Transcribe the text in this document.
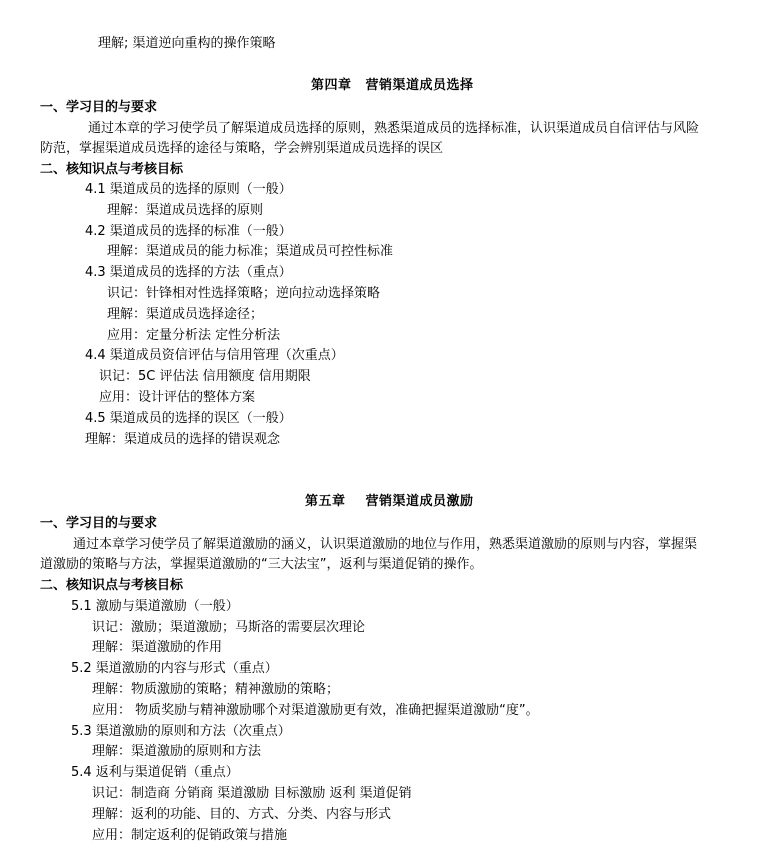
理解; 渠道逆向重构的操作策略
第四章 营销渠道成员选择
一、学习目的与要求
通过本章的学习使学员了解渠道成员选择的原则，熟悉渠道成员的选择标准，认识渠道成员自信评估与风险
防范，掌握渠道成员选择的途径与策略，学会辨别渠道成员选择的误区
二、核知识点与考核目标
4.1 渠道成员的选择的原则（一般）
理解：渠道成员选择的原则
4.2 渠道成员的选择的标准（一般）
理解：渠道成员的能力标准；渠道成员可控性标准
4.3 渠道成员的选择的方法（重点）
识记：针锋相对性选择策略；逆向拉动选择策略
理解：渠道成员选择途径；
应用：定量分析法 定性分析法
4.4 渠道成员资信评估与信用管理（次重点）
识记：5C 评估法 信用额度 信用期限
应用：设计评估的整体方案
4.5 渠道成员的选择的误区（一般）
理解：渠道成员的选择的错误观念
第五章 营销渠道成员激励
一、学习目的与要求
通过本章学习使学员了解渠道激励的涵义，认识渠道激励的地位与作用，熟悉渠道激励的原则与内容，掌握渠
道激励的策略与方法，掌握渠道激励的“三大法宝”，返利与渠道促销的操作。
二、核知识点与考核目标
5.1 激励与渠道激励（一般）
识记：激励；渠道激励；马斯洛的需要层次理论
理解：渠道激励的作用
5.2 渠道激励的内容与形式（重点）
理解：物质激励的策略；精神激励的策略；
应用： 物质奖励与精神激励哪个对渠道激励更有效，准确把握渠道激励“度”。
5.3 渠道激励的原则和方法（次重点）
理解：渠道激励的原则和方法
5.4 返利与渠道促销（重点）
识记：制造商 分销商 渠道激励 目标激励 返利 渠道促销
理解：返利的功能、目的、方式、分类、内容与形式
应用：制定返利的促销政策与措施
